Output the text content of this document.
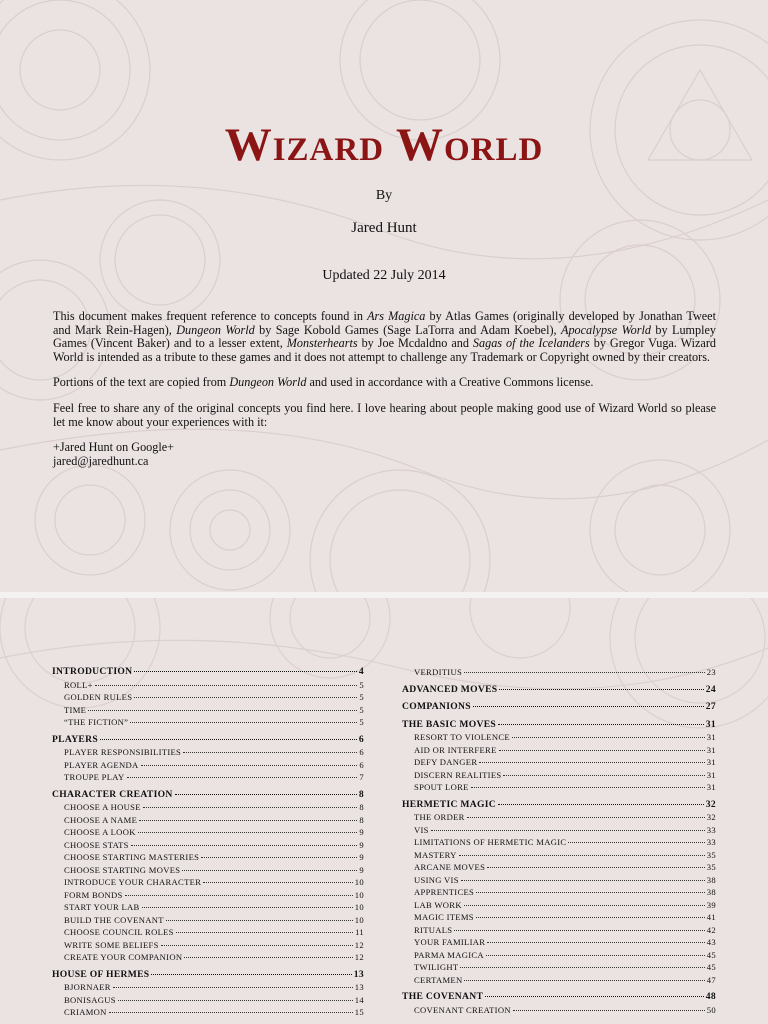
Wizard World
By
Jared Hunt
Updated 22 July 2014

This document makes frequent reference to concepts found in Ars Magica by Atlas Games (originally developed by Jonathan Tweet and Mark Rein-Hagen), Dungeon World by Sage Kobold Games (Sage LaTorra and Adam Koebel), Apocalypse World by Lumpley Games (Vincent Baker) and to a lesser extent, Monsterhearts by Joe Mcdaldno and Sagas of the Icelanders by Gregor Vuga. Wizard World is intended as a tribute to these games and it does not attempt to challenge any Trademark or Copyright owned by their creators.

Portions of the text are copied from Dungeon World and used in accordance with a Creative Commons license.

Feel free to share any of the original concepts you find here. I love hearing about people making good use of Wizard World so please let me know about your experiences with it:

+Jared Hunt on Google+
jared@jaredhunt.ca

INTRODUCTION	4
ROLL+	5
GOLDEN RULES	5
TIME	5
“THE FICTION”	5
PLAYERS	6
PLAYER RESPONSIBILITIES	6
PLAYER AGENDA	6
TROUPE PLAY	7
CHARACTER CREATION	8
CHOOSE A HOUSE	8
CHOOSE A NAME	8
CHOOSE A LOOK	9
CHOOSE STATS	9
CHOOSE STARTING MASTERIES	9
CHOOSE STARTING MOVES	9
INTRODUCE YOUR CHARACTER	10
FORM BONDS	10
START YOUR LAB	10
BUILD THE COVENANT	10
CHOOSE COUNCIL ROLES	11
WRITE SOME BELIEFS	12
CREATE YOUR COMPANION	12
HOUSE OF HERMES	13
BJORNAER	13
BONISAGUS	14
CRIAMON	15
VERDITIUS	23
ADVANCED MOVES	24
COMPANIONS	27
THE BASIC MOVES	31
RESORT TO VIOLENCE	31
AID OR INTERFERE	31
DEFY DANGER	31
DISCERN REALITIES	31
SPOUT LORE	31
HERMETIC MAGIC	32
THE ORDER	32
VIS	33
LIMITATIONS OF HERMETIC MAGIC	33
MASTERY	35
ARCANE MOVES	35
USING VIS	38
APPRENTICES	38
LAB WORK	39
MAGIC ITEMS	41
RITUALS	42
YOUR FAMILIAR	43
PARMA MAGICA	45
TWILIGHT	45
CERTAMEN	47
THE COVENANT	48
COVENANT CREATION	50
